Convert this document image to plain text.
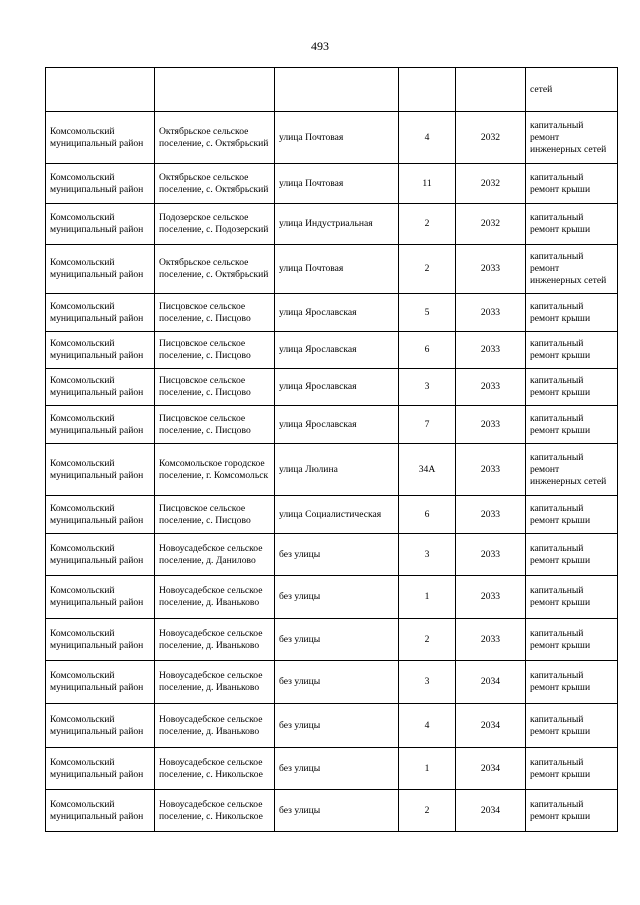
493
					сетей
Комсомольский муниципальный район	Октябрьское сельское поселение, с. Октябрьский	улица Почтовая	4	2032	капитальный ремонт инженерных сетей
Комсомольский муниципальный район	Октябрьское сельское поселение, с. Октябрьский	улица Почтовая	11	2032	капитальный ремонт крыши
Комсомольский муниципальный район	Подозерское сельское поселение, с. Подозерский	улица Индустриальная	2	2032	капитальный ремонт крыши
Комсомольский муниципальный район	Октябрьское сельское поселение, с. Октябрьский	улица Почтовая	2	2033	капитальный ремонт инженерных сетей
Комсомольский муниципальный район	Писцовское сельское поселение, с. Писцово	улица Ярославская	5	2033	капитальный ремонт крыши
Комсомольский муниципальный район	Писцовское сельское поселение, с. Писцово	улица Ярославская	6	2033	капитальный ремонт крыши
Комсомольский муниципальный район	Писцовское сельское поселение, с. Писцово	улица Ярославская	3	2033	капитальный ремонт крыши
Комсомольский муниципальный район	Писцовское сельское поселение, с. Писцово	улица Ярославская	7	2033	капитальный ремонт крыши
Комсомольский муниципальный район	Комсомольское городское поселение, г. Комсомольск	улица Люлина	34А	2033	капитальный ремонт инженерных сетей
Комсомольский муниципальный район	Писцовское сельское поселение, с. Писцово	улица Социалистическая	6	2033	капитальный ремонт крыши
Комсомольский муниципальный район	Новоусадебское сельское поселение, д. Данилово	без улицы	3	2033	капитальный ремонт крыши
Комсомольский муниципальный район	Новоусадебское сельское поселение, д. Иваньково	без улицы	1	2033	капитальный ремонт крыши
Комсомольский муниципальный район	Новоусадебское сельское поселение, д. Иваньково	без улицы	2	2033	капитальный ремонт крыши
Комсомольский муниципальный район	Новоусадебское сельское поселение, д. Иваньково	без улицы	3	2034	капитальный ремонт крыши
Комсомольский муниципальный район	Новоусадебское сельское поселение, д. Иваньково	без улицы	4	2034	капитальный ремонт крыши
Комсомольский муниципальный район	Новоусадебское сельское поселение, с. Никольское	без улицы	1	2034	капитальный ремонт крыши
Комсомольский муниципальный район	Новоусадебское сельское поселение, с. Никольское	без улицы	2	2034	капитальный ремонт крыши
